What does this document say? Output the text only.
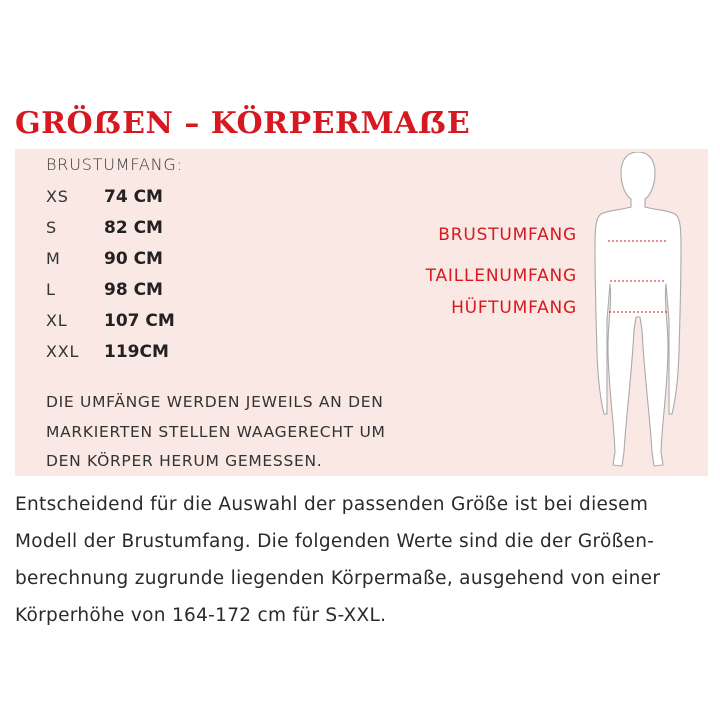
GRÖẞEN – KÖRPERMAẞE
BRUSTUMFANG:
XS 74 CM
S	82 CM
M	90 CM
L	98 CM
XL 107 CM
XXL 119CM
DIE UMFÄNGE WERDEN JEWEILS AN DEN
MARKIERTEN STELLEN WAAGERECHT UM
DEN KÖRPER HERUM GEMESSEN.
BRUSTUMFANG
TAILLENUMFANG
HÜFTUMFANG
Entscheidend für die Auswahl der passenden Größe ist bei diesem
Modell der Brustumfang. Die folgenden Werte sind die der Größen-
berechnung zugrunde liegenden Körpermaße, ausgehend von einer
Körperhöhe von 164-172 cm für S-XXL.
